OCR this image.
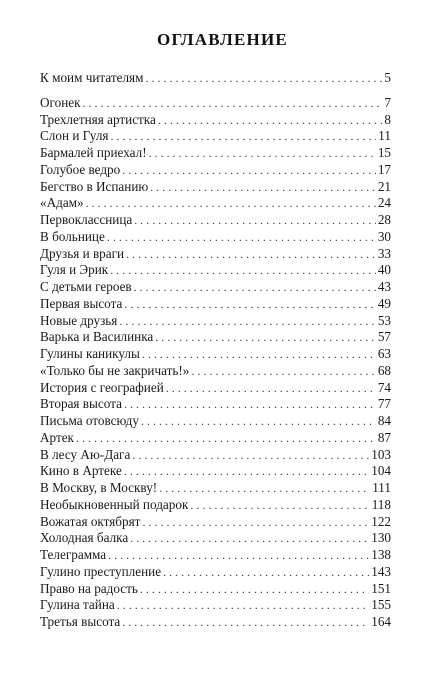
ОГЛАВЛЕНИЕ
К моим читателям . . .	5
Огонек . . .	7
Трехлетняя артистка . . .	8
Слон и Гуля . . .	11
Бармалей приехал! . . .	15
Голубое ведро . . .	17
Бегство в Испанию . . .	21
«Адам» . . .	24
Первоклассница . . .	28
В больнице . . .	30
Друзья и враги . . .	33
Гуля и Эрик . . .	40
С детьми героев . . .	43
Первая высота . . .	49
Новые друзья . . .	53
Варька и Василинка . . .	57
Гулины каникулы . . .	63
«Только бы не закричать!» . . .	68
История с географией . . .	74
Вторая высота . . .	77
Письма отовсюду . . .	84
Артек . . .	87
В лесу Аю-Дага . . .	103
Кино в Артеке . . .	104
В Москву, в Москву! . . .	111
Необыкновенный подарок . . .	118
Вожатая октябрят . . .	122
Холодная балка . . .	130
Телеграмма . . .	138
Гулино преступление . . .	143
Право на радость . . .	151
Гулина тайна . . .	155
Третья высота . . .	164
